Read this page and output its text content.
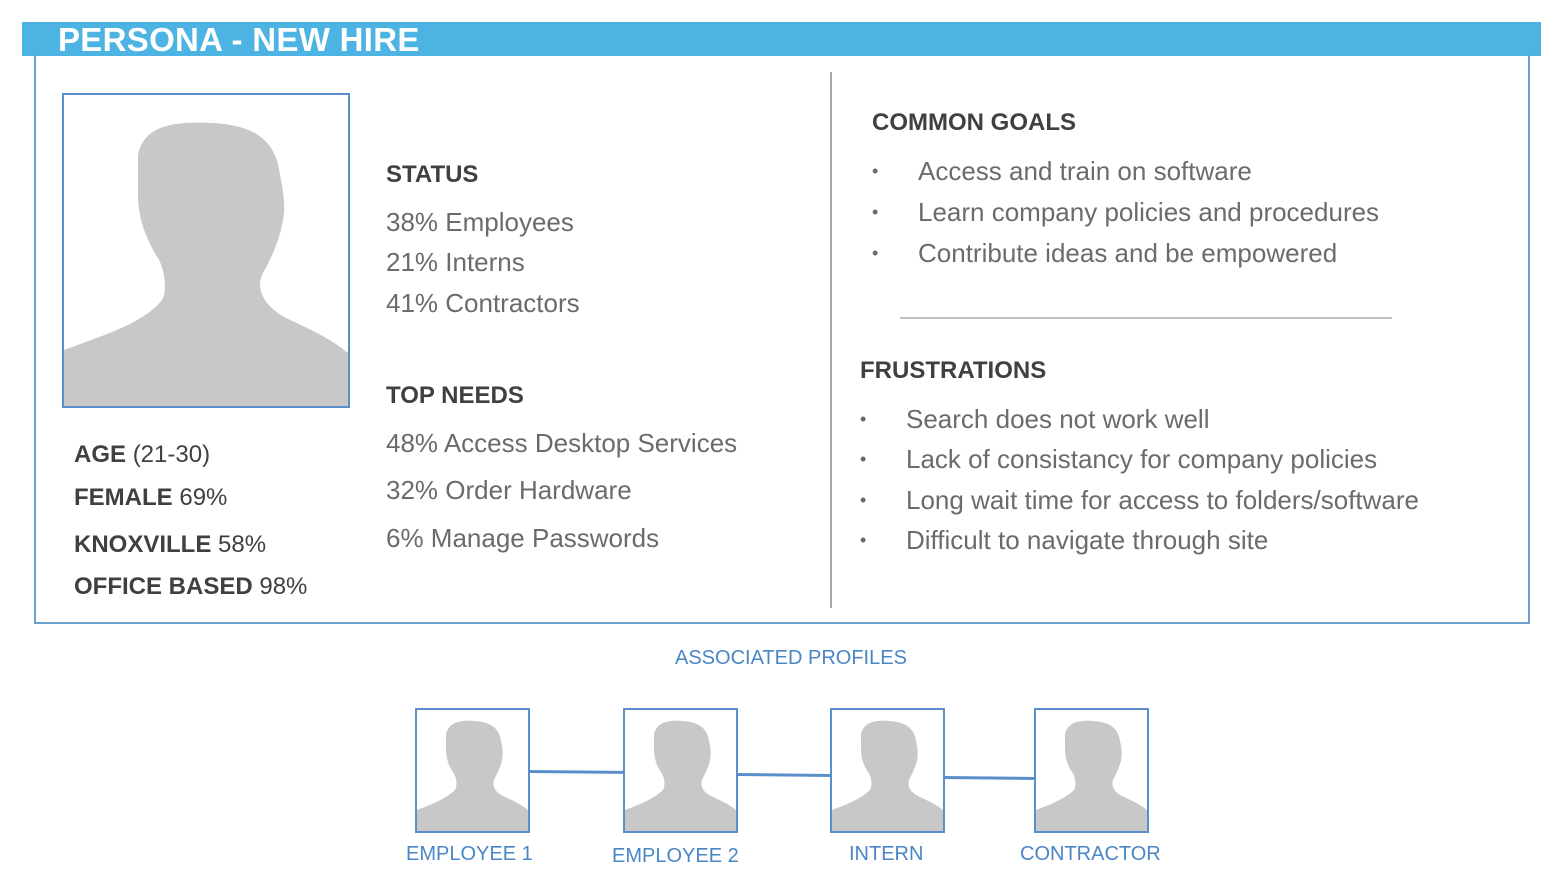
PERSONA - NEW HIRE
AGE (21-30)
FEMALE 69%
KNOXVILLE 58%
OFFICE BASED 98%
STATUS
38% Employees
21% Interns
41% Contractors
TOP NEEDS
48% Access Desktop Services
32% Order Hardware
6% Manage Passwords
COMMON GOALS
• Access and train on software
• Learn company policies and procedures
• Contribute ideas and be empowered
FRUSTRATIONS
• Search does not work well
• Lack of consistancy for company policies
• Long wait time for access to folders/software
• Difficult to navigate through site
ASSOCIATED PROFILES
EMPLOYEE 1	EMPLOYEE 2	INTERN	CONTRACTOR
